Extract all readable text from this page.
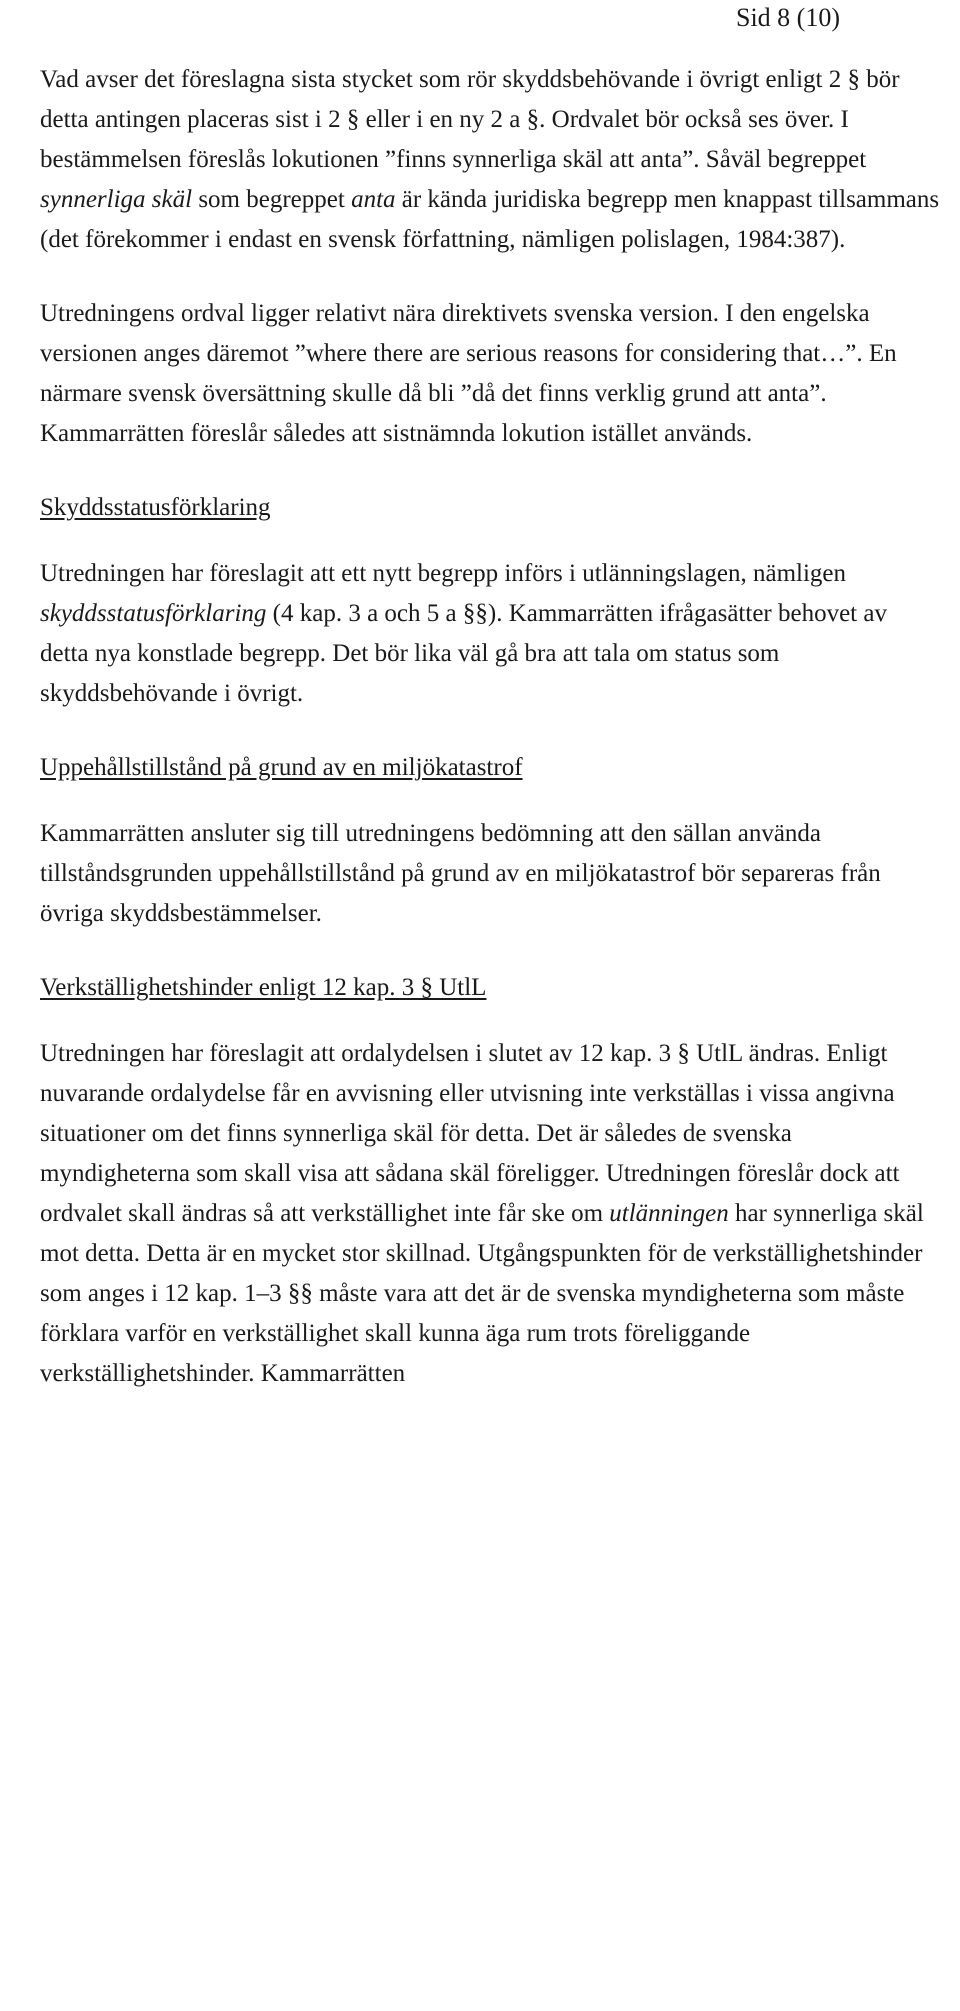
Sid 8 (10)

Vad avser det föreslagna sista stycket som rör skyddsbehövande i övrigt enligt 2 § bör detta antingen placeras sist i 2 § eller i en ny 2 a §. Ordvalet bör också ses över. I bestämmelsen föreslås lokutionen ”finns synnerliga skäl att anta”. Såväl begreppet synnerliga skäl som begreppet anta är kända juridiska begrepp men knappast tillsammans (det förekommer i endast en svensk författning, nämligen polislagen, 1984:387).

Utredningens ordval ligger relativt nära direktivets svenska version. I den engelska versionen anges däremot ”where there are serious reasons for considering that…”. En närmare svensk översättning skulle då bli ”då det finns verklig grund att anta”. Kammarrätten föreslår således att sistnämnda lokution istället används.

Skyddsstatusförklaring

Utredningen har föreslagit att ett nytt begrepp införs i utlänningslagen, nämligen skyddsstatusförklaring (4 kap. 3 a och 5 a §§). Kammarrätten ifrågasätter behovet av detta nya konstlade begrepp. Det bör lika väl gå bra att tala om status som skyddsbehövande i övrigt.

Uppehållstillstånd på grund av en miljökatastrof

Kammarrätten ansluter sig till utredningens bedömning att den sällan använda tillståndsgrunden uppehållstillstånd på grund av en miljökatastrof bör separeras från övriga skyddsbestämmelser.

Verkställighetshinder enligt 12 kap. 3 § UtlL

Utredningen har föreslagit att ordalydelsen i slutet av 12 kap. 3 § UtlL ändras. Enligt nuvarande ordalydelse får en avvisning eller utvisning inte verkställas i vissa angivna situationer om det finns synnerliga skäl för detta. Det är således de svenska myndigheterna som skall visa att sådana skäl föreligger. Utredningen föreslår dock att ordvalet skall ändras så att verkställighet inte får ske om utlänningen har synnerliga skäl mot detta. Detta är en mycket stor skillnad. Utgångspunkten för de verkställighetshinder som anges i 12 kap. 1–3 §§ måste vara att det är de svenska myndigheterna som måste förklara varför en verkställighet skall kunna äga rum trots föreliggande verkställighetshinder. Kammarrätten
